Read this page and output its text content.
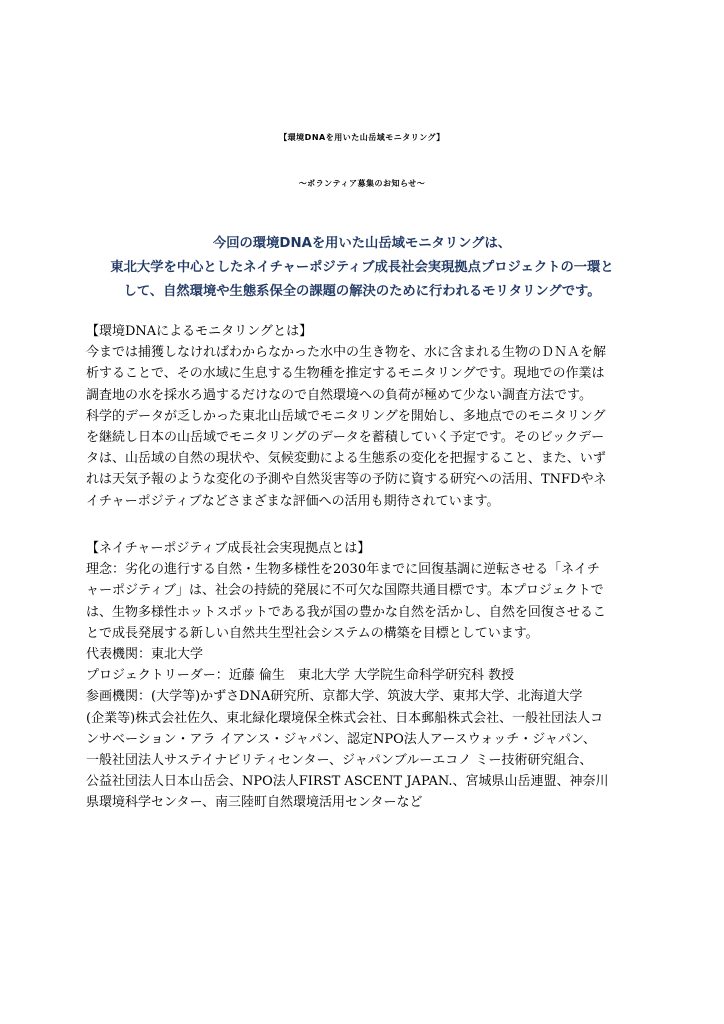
【環境DNAを用いた山岳域モニタリング】
〜ボランティア募集のお知らせ〜
今回の環境DNAを用いた山岳域モニタリングは、
東北大学を中心としたネイチャーポジティブ成長社会実現拠点プロジェクトの一環と
して、自然環境や生態系保全の課題の解決のために行われるモリタリングです。
【環境DNAによるモニタリングとは】
今までは捕獲しなければわからなかった水中の生き物を、水に含まれる生物のＤＮＡを解
析することで、その水域に生息する生物種を推定するモニタリングです。現地での作業は
調査地の水を採水ろ過するだけなので自然環境への負荷が極めて少ない調査方法です。
科学的データが乏しかった東北山岳域でモニタリングを開始し、多地点でのモニタリング
を継続し日本の山岳域でモニタリングのデータを蓄積していく予定です。そのビックデー
タは、山岳域の自然の現状や、気候変動による生態系の変化を把握すること、また、いず
れは天気予報のような変化の予測や自然災害等の予防に資する研究への活用、TNFDやネ
イチャーポジティブなどさまざまな評価への活用も期待されています。
【ネイチャーポジティブ成長社会実現拠点とは】
理念：劣化の進行する自然・生物多様性を2030年までに回復基調に逆転させる「ネイチ
ャーポジティブ」は、社会の持続的発展に不可欠な国際共通目標です。本プロジェクトで
は、生物多様性ホットスポットである我が国の豊かな自然を活かし、自然を回復させるこ
とで成長発展する新しい自然共生型社会システムの構築を目標としています。
代表機関：東北大学
プロジェクトリーダー：近藤 倫生　東北大学 大学院生命科学研究科 教授
参画機関：(大学等)かずさDNA研究所、京都大学、筑波大学、東邦大学、北海道大学
(企業等)株式会社佐久、東北緑化環境保全株式会社、日本郵船株式会社、一般社団法人コ
ンサベーション・アラ イアンス・ジャパン、認定NPO法人アースウォッチ・ジャパン、
一般社団法人サステイナビリティセンター、ジャパンブルーエコノ ミー技術研究組合、
公益社団法人日本山岳会、NPO法人FIRST ASCENT JAPAN.、宮城県山岳連盟、神奈川
県環境科学センター、南三陸町自然環境活用センターなど
